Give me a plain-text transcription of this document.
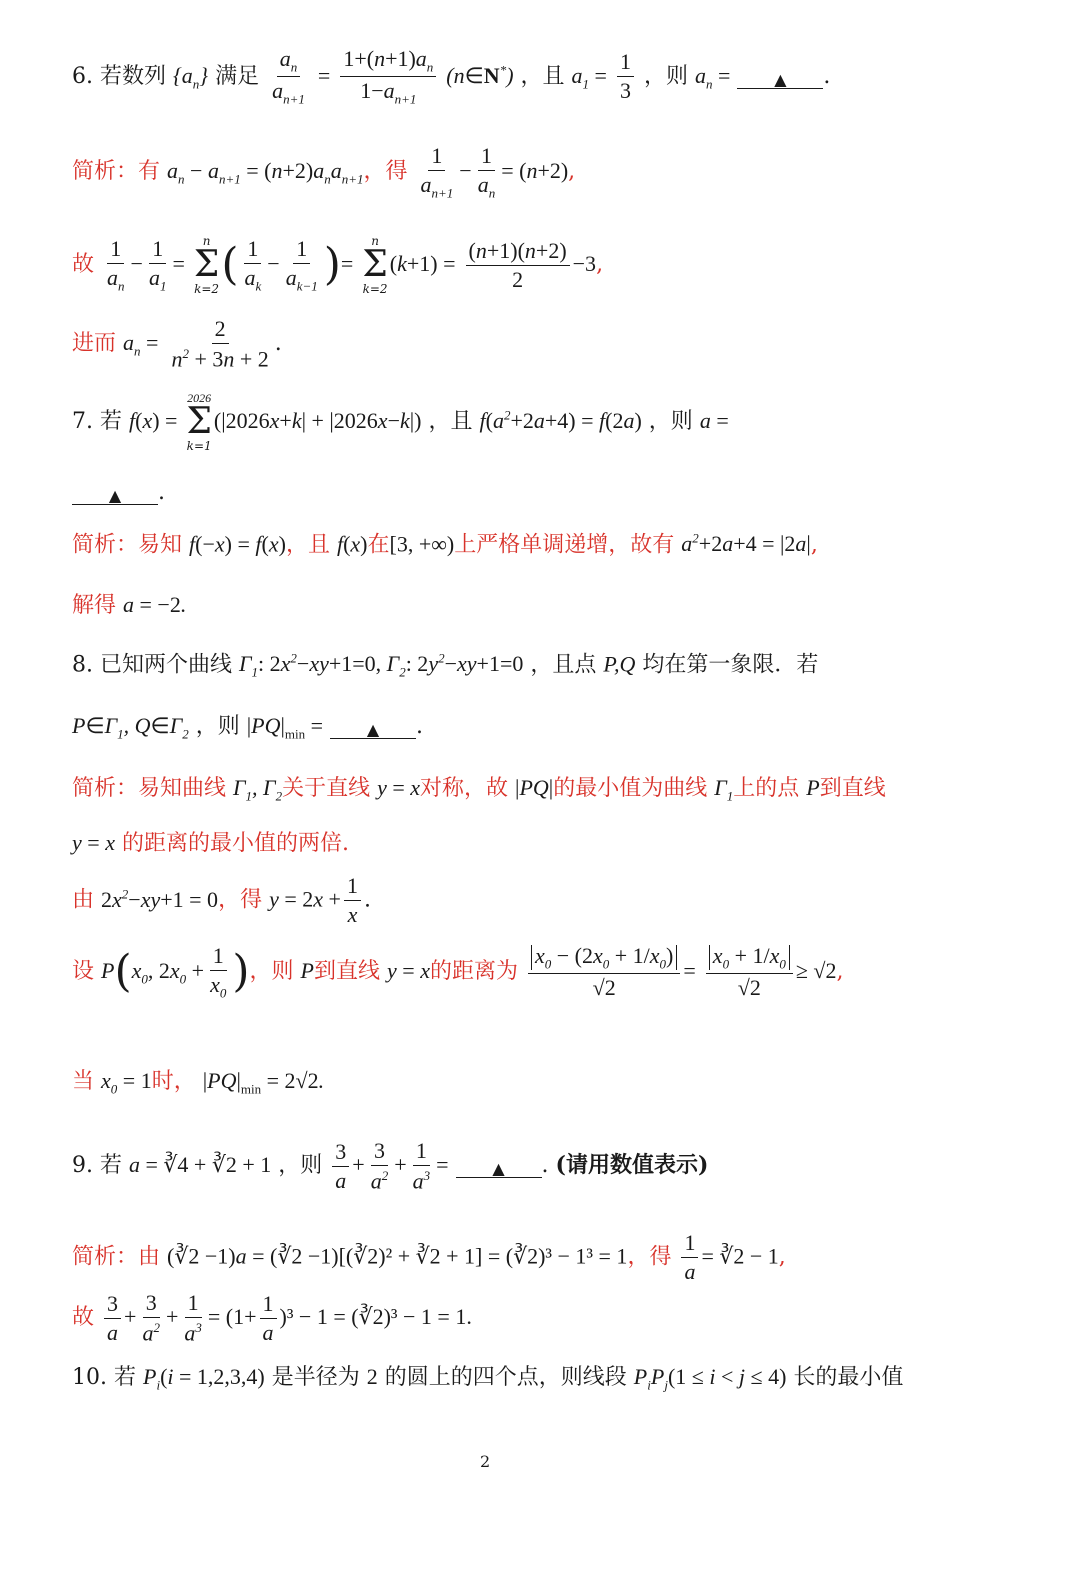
6. 若数列 $\{a_n\}$ 满足 $\frac{a_n}{a_{n+1}} = \frac{1+(n+1)a_n}{1-a_{n+1}}$ (n∈N*) ，且 $a_1 = \frac{1}{3}$ ，则 $a_n$ =	▲ .
简析：有 $a_n - a_{n+1} = (n+2)a_na_{n+1}$，得 $\frac{1}{a_{n+1}} - \frac{1}{a_n} = (n+2)$,
故 $\frac{1}{a_n} - \frac{1}{a_1}$ =
n
Σ
k=2 ( $\frac{1}{a_k} - \frac{1}{a_{k-1}}$ )=
n
Σ
k=2
$(k+1) = \frac{(n+1)(n+2)}{2} -3$,
进而 $a_n = \frac{2}{n^2 + 3n + 2}$ .
7. 若 f(x) =
2026
Σ
k=1
(|2026x+k| + |2026x−k|) ，且 $f(a^2+2a+4) = f(2a)$ ，则 a =
▲ .
简析：易知 f(−x) = f(x)，且 f(x)在[3, +∞)上严格单调递增，故有 $a^2+2a+4 = |2a|$,
解得 a = −2.
8. 已知两个曲线 $\Gamma_1$: $2x^2-xy+1=0$, $\Gamma_2$: $2y^2-xy+1=0$ ，且点 P,Q 均在第一象限．若
$P\in\Gamma_1$, $Q\in\Gamma_2$ ，则 $|PQ|_{min}$ =	▲ .
简析：易知曲线 $\Gamma_1$, $\Gamma_2$关于直线 y = x对称，故 |PQ|的最小值为曲线 $\Gamma_1$上的点 P到直线
y = x 的距离的最小值的两倍.
由 $2x^2-xy+1 = 0$，得 $y = 2x + \frac{1}{x}$ .
设 $P(x_0$, $2x_0 + \frac{1}{x_0}$ )，则 P到直线 y = x的距离为 $\frac{x_0 - (2x_0 + 1/x_0)}{√2} = \frac{x_0 + 1/x_0}{√2} \ge √2$,
当 $x_0 = 1$时， $|PQ|_{min} = 2√2$.
9. 若 a = ∛4 + ∛2 + 1 ，则 $\frac{3}{a} + \frac{3}{a^2} + \frac{1}{a^3}$ =	▲ . (请用数值表示)
简析：由 (∛2 −1)a = (∛2 −1)[(∛2)² + ∛2 + 1] = (∛2)³ − 1³ = 1，得 $\frac{1}{a}$ = ∛2 − 1,
故 $\frac{3}{a} + \frac{3}{a^2} + \frac{1}{a^3} = (1+ \frac{1}{a} )^3 - 1$ = (∛2)³ − 1 = 1.
10. 若 $P_i(i = 1,2,3,4)$ 是半径为 2 的圆上的四个点，则线段 $P_iP_j(1 \le i < j \le 4)$ 长的最小值
2
